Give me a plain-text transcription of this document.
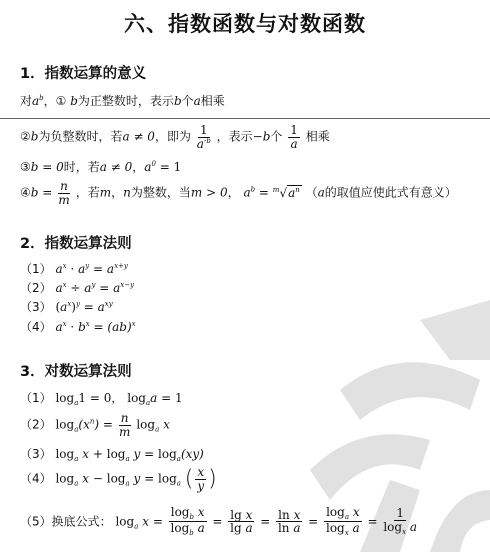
六、指数函数与对数函数
1．指数运算的意义
对$a^b$，① b为正整数时，表示b个a相乘
②b为负整数时，若a ≠ 0，即为 $\frac{1}{a^{-b}}$ ，表示−b个 $\frac{1}{a}$ 相乘
③b = 0时，若a ≠ 0，$a^0 = 1$
④b = $\frac{n}{m}$ ，若m，n为整数，当m > 0， $a^b = ^m√a^n$ （a的取值应使此式有意义）
2．指数运算法则
（1） $a^x \cdot a^y = a^{x+y}$
（2） $a^x \div a^y = a^{x-y}$
（3） $(a^x)^y = a^{xy}$
（4） $a^x \cdot b^x = (ab)^x$
3．对数运算法则
（1） $\log_a1 = 0$， $\log_aa = 1$
（2） $\log_a(x^n) = \frac{n}{m} \log_a x$
（3） $\log_a x + \log_a y = \log_a(xy)$
（4） $\log_a x - \log_a y = \log_a$ ( $\frac{x}{y}$ )
（5）换底公式： $\log_a x = \frac{\log_b x}{\log_b a} = \frac{\text{lg x}}{\text{lg a}} = \frac{\text{ln x}}{\text{ln a}} = \frac{\log_a x}{\log_x a} = \frac{1}{\log_x a}$
